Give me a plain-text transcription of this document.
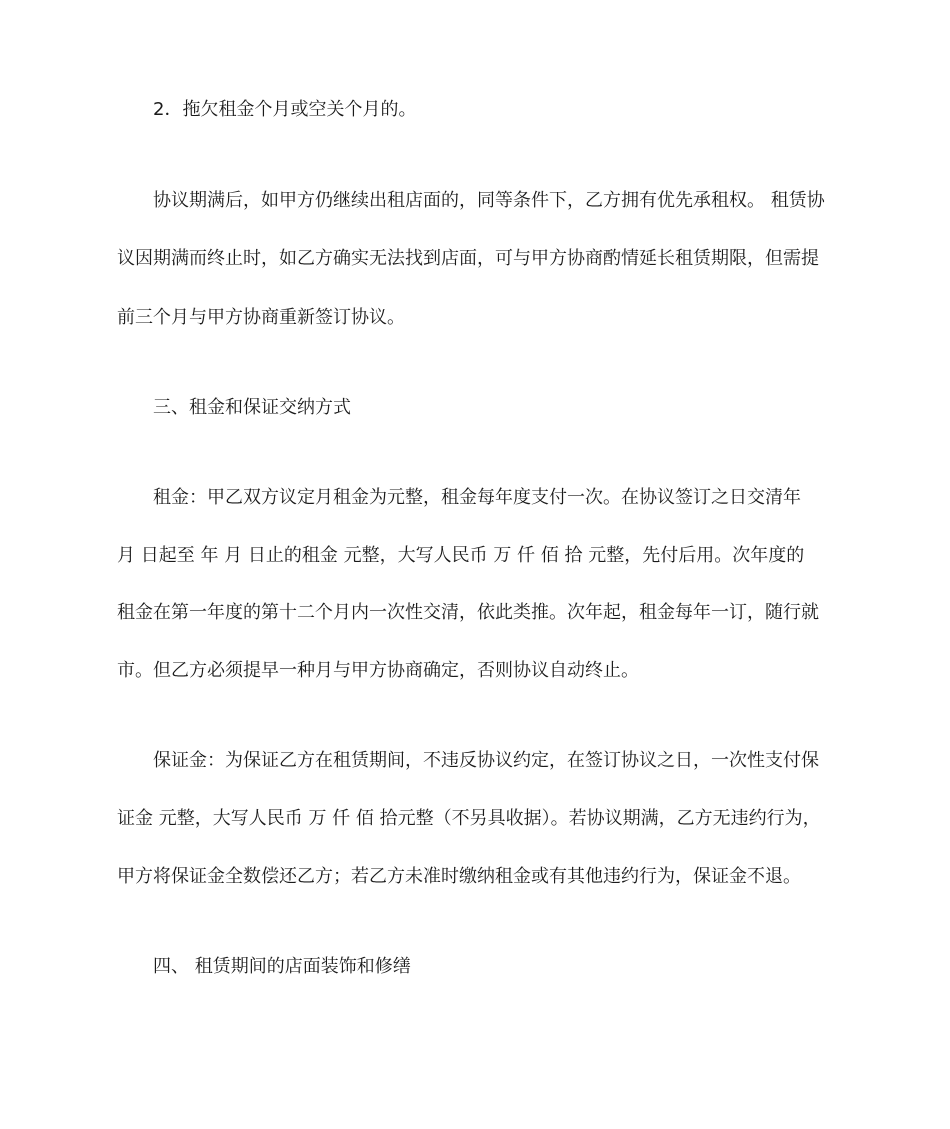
2．拖欠租金个月或空关个月的。

协议期满后，如甲方仍继续出租店面的，同等条件下，乙方拥有优先承租权。 租赁协

议因期满而终止时，如乙方确实无法找到店面，可与甲方协商酌情延长租赁期限，但需提

前三个月与甲方协商重新签订协议。

三、租金和保证交纳方式

租金：甲乙双方议定月租金为元整，租金每年度支付一次。在协议签订之日交清年

月 日起至 年 月 日止的租金 元整，大写人民币 万 仟 佰 拾 元整，先付后用。次年度的

租金在第一年度的第十二个月内一次性交清，依此类推。次年起，租金每年一订，随行就

市。但乙方必须提早一种月与甲方协商确定，否则协议自动终止。

保证金：为保证乙方在租赁期间，不违反协议约定，在签订协议之日，一次性支付保

证金 元整，大写人民币 万 仟 佰 拾元整（不另具收据）。若协议期满，乙方无违约行为，

甲方将保证金全数偿还乙方；若乙方未准时缴纳租金或有其他违约行为，保证金不退。

四、 租赁期间的店面装饰和修缮
